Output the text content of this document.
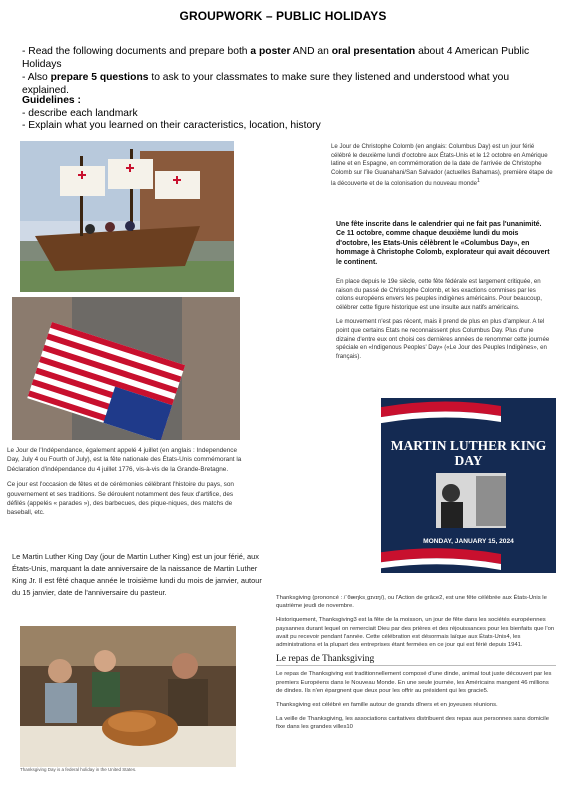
GROUPWORK – PUBLIC HOLIDAYS

- Read the following documents and prepare both a poster AND an oral presentation about 4 American Public Holidays

- Also prepare 5 questions to ask to your classmates to make sure they listened and understood what you explained.

Guidelines :

- describe each landmark

- Explain what you learned on their caracteristics, location, history

Le Jour de Christophe Colomb (en anglais: Columbus Day) est un jour férié célébré le deuxième lundi d'octobre aux États-Unis et le 12 octobre en Amérique latine et en Espagne, en commémoration de la date de l'arrivée de Christophe Colomb sur l'île Guanahani/San Salvador (actuelles Bahamas), première étape de la découverte et de la colonisation du nouveau monde$^1$

Une fête inscrite dans le calendrier qui ne fait pas l'unanimité. Ce 11 octobre, comme chaque deuxième lundi du mois d'octobre, les Etats-Unis célèbrent le «Columbus Day», en hommage à Christophe Colomb, explorateur qui avait découvert le continent.

En place depuis le 19e siècle, cette fête fédérale est largement critiquée, en raison du passé de Christophe Colomb, et les exactions commises par les colons européens envers les peuples indigènes américains. Pour beaucoup, célébrer cette figure historique est une insulte aux natifs américains.

Le mouvement n'est pas récent, mais il prend de plus en plus d'ampleur. A tel point que certains Etats ne reconnaissent plus Columbus Day. Plus d'une dizaine d'entre eux ont choisi ces dernières années de renommer cette journée spéciale en «Indigenous Peoples' Day» («Le Jour des Peuples Indigènes», en français).

Le Jour de l'Indépendance, également appelé 4 juillet (en anglais : Independence Day, July 4 ou Fourth of July), est la fête nationale des États-Unis commémorant la Déclaration d'indépendance du 4 juillet 1776, vis-à-vis de la Grande-Bretagne.

Ce jour est l'occasion de fêtes et de cérémonies célébrant l'histoire du pays, son gouvernement et ses traditions. Se déroulent notamment des feux d'artifice, des défilés (appelés « parades »), des barbecues, des pique-niques, des matchs de baseball, etc.

MARTIN LUTHER KING DAY
MONDAY, JANUARY 15, 2024
Le Martin Luther King Day (jour de Martin Luther King) est un jour férié, aux États-Unis, marquant la date anniversaire de la naissance de Martin Luther King Jr. Il est fêté chaque année le troisième lundi du mois de janvier, autour du 15 janvier, date de l'anniversaire du pasteur.

Thanksgiving (prononcé : /ˈθæŋksˌɡɪvɪŋ/), ou l'Action de grâce2, est une fête célébrée aux États-Unis le quatrième jeudi de novembre.

Historiquement, Thanksgiving3 est la fête de la moisson, un jour de fête dans les sociétés européennes paysannes durant lequel on remerciait Dieu par des prières et des réjouissances pour les bienfaits que l'on avait pu recevoir pendant l'année. Cette célébration est désormais laïque aux États-Unis4, les administrations et la plupart des entreprises étant fermées en ce jour qui est férié depuis 1941.

Le repas de Thanksgiving

Le repas de Thanksgiving est traditionnellement composé d'une dinde, animal tout juste découvert par les premiers Européens dans le Nouveau Monde. En une seule journée, les Américains mangent 46 millions de dindes. Ils n'en épargnent que deux pour les offrir au président qui les gracie5.

Thanksgiving est célébré en famille autour de grands dîners et en joyeuses réunions.

La veille de Thanksgiving, les associations caritatives distribuent des repas aux personnes sans domicile fixe dans les grandes villes10

Thanksgiving Day is a federal holiday in the United States.
